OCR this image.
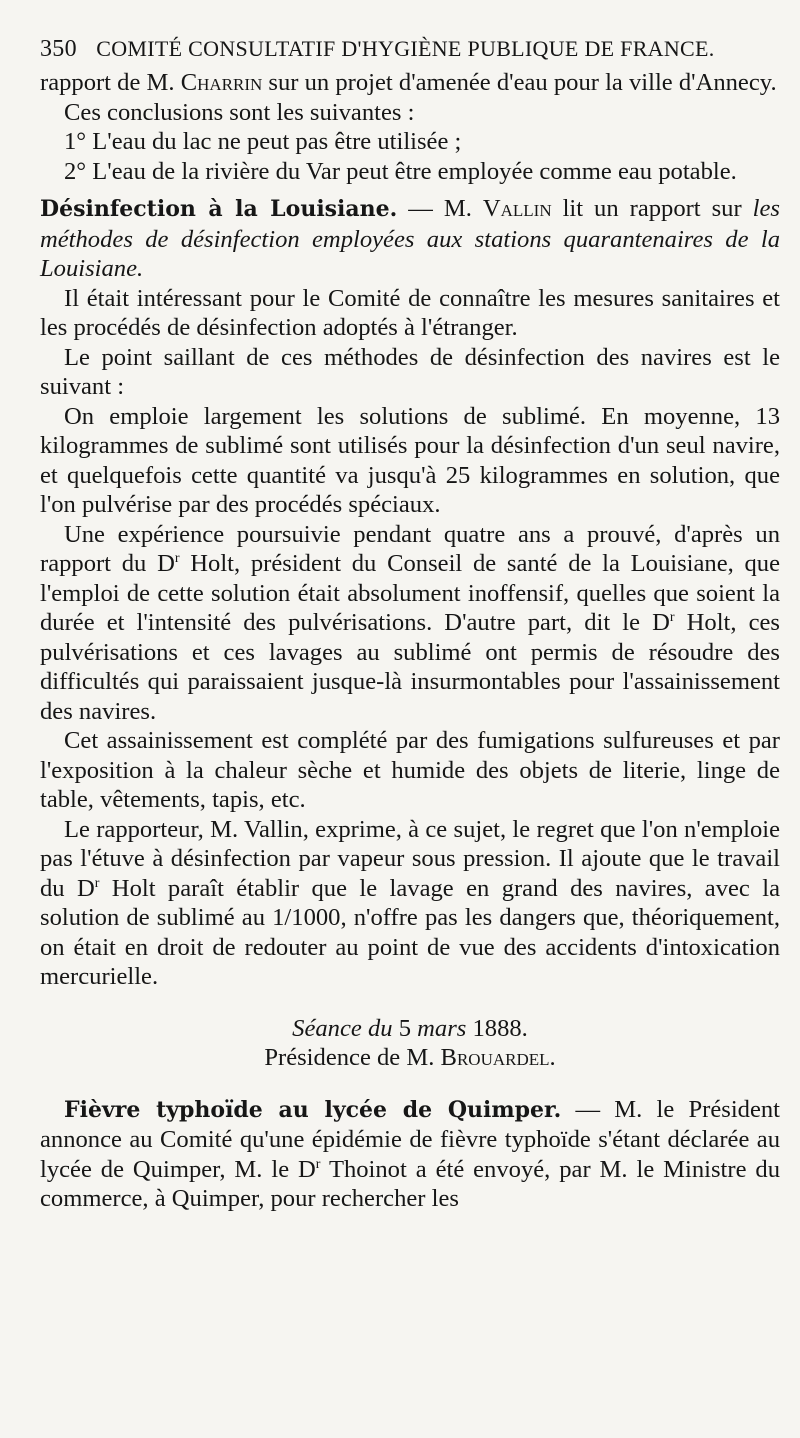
350 COMITÉ CONSULTATIF D'HYGIÈNE PUBLIQUE DE FRANCE.

rapport de M. Charrin sur un projet d'amenée d'eau pour la ville d'Annecy.

Ces conclusions sont les suivantes :

1° L'eau du lac ne peut pas être utilisée ;

2° L'eau de la rivière du Var peut être employée comme eau potable.

Désinfection à la Louisiane. — M. Vallin lit un rapport sur les méthodes de désinfection employées aux stations quarantenaires de la Louisiane.

Il était intéressant pour le Comité de connaître les mesures sanitaires et les procédés de désinfection adoptés à l'étranger.

Le point saillant de ces méthodes de désinfection des navires est le suivant :

On emploie largement les solutions de sublimé. En moyenne, 13 kilogrammes de sublimé sont utilisés pour la désinfection d'un seul navire, et quelquefois cette quantité va jusqu'à 25 kilogrammes en solution, que l'on pulvérise par des procédés spéciaux.

Une expérience poursuivie pendant quatre ans a prouvé, d'après un rapport du $D^r$ Holt, président du Conseil de santé de la Louisiane, que l'emploi de cette solution était absolument inoffensif, quelles que soient la durée et l'intensité des pulvérisations. D'autre part, dit le $D^r$ Holt, ces pulvérisations et ces lavages au sublimé ont permis de résoudre des difficultés qui paraissaient jusque-là insurmontables pour l'assainissement des navires.

Cet assainissement est complété par des fumigations sulfureuses et par l'exposition à la chaleur sèche et humide des objets de literie, linge de table, vêtements, tapis, etc.

Le rapporteur, M. Vallin, exprime, à ce sujet, le regret que l'on n'emploie pas l'étuve à désinfection par vapeur sous pression. Il ajoute que le travail du $D^r$ Holt paraît établir que le lavage en grand des navires, avec la solution de sublimé au 1/1000, n'offre pas les dangers que, théoriquement, on était en droit de redouter au point de vue des accidents d'intoxication mercurielle.

Séance du 5 mars 1888.

Présidence de M. Brouardel.

Fièvre typhoïde au lycée de Quimper. — M. le Président annonce au Comité qu'une épidémie de fièvre typhoïde s'étant déclarée au lycée de Quimper, M. le $D^r$ Thoinot a été envoyé, par M. le Ministre du commerce, à Quimper, pour rechercher les
